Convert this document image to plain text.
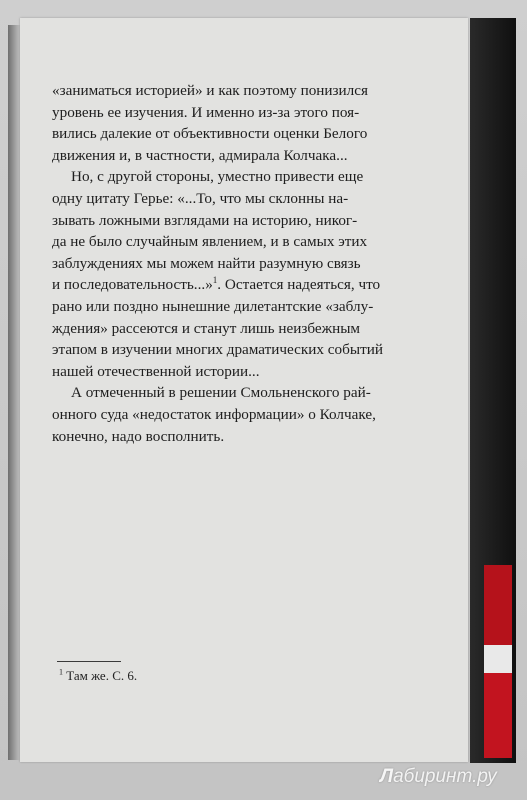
«заниматься историей» и как поэтому понизился
уровень ее изучения. И именно из-за этого поя-
вились далекие от объективности оценки Белого
движения и, в частности, адмирала Колчака...

Но, с другой стороны, уместно привести еще
одну цитату Герье: «...То, что мы склонны на-
зывать ложными взглядами на историю, никог-
да не было случайным явлением, и в самых этих
заблуждениях мы можем найти разумную связь
и последовательность...»$^1$. Остается надеяться, что
рано или поздно нынешние дилетантские «заблу-
ждения» рассеются и станут лишь неизбежным
этапом в изучении многих драматических событий
нашей отечественной истории...

А отмеченный в решении Смольненского рай-
онного суда «недостаток информации» о Колчаке,
конечно, надо восполнить.

$^1$ Там же. С. 6.
Лабиринт.ру
